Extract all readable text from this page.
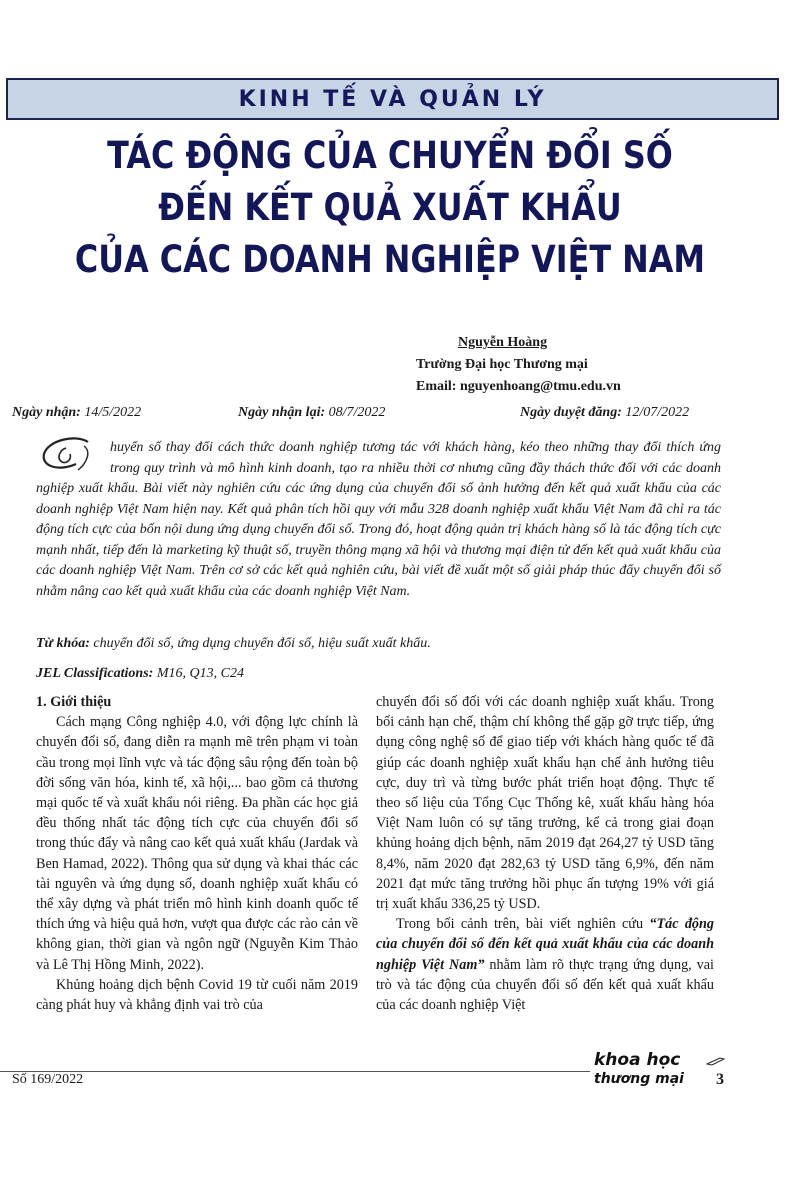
KINH TẾ VÀ QUẢN LÝ
TÁC ĐỘNG CỦA CHUYỂN ĐỔI SỐ
ĐẾN KẾT QUẢ XUẤT KHẨU
CỦA CÁC DOANH NGHIỆP VIỆT NAM
Nguyễn Hoàng
Trường Đại học Thương mại
Email: nguyenhoang@tmu.edu.vn
Ngày nhận: 14/5/2022	Ngày nhận lại: 08/7/2022	Ngày duyệt đăng: 12/07/2022
huyển số thay đổi cách thức doanh nghiệp tương tác với khách hàng, kéo theo những thay đổi thích ứng trong quy trình và mô hình kinh doanh, tạo ra nhiều thời cơ nhưng cũng đầy thách thức đối với các doanh nghiệp xuất khẩu. Bài viết này nghiên cứu các ứng dụng của chuyển đổi số ảnh hưởng đến kết quả xuất khẩu của các doanh nghiệp Việt Nam hiện nay. Kết quả phân tích hồi quy với mẫu 328 doanh nghiệp xuất khẩu Việt Nam đã chỉ ra tác động tích cực của bốn nội dung ứng dụng chuyển đổi số. Trong đó, hoạt động quản trị khách hàng số là tác động tích cực mạnh nhất, tiếp đến là marketing kỹ thuật số, truyền thông mạng xã hội và thương mại điện tử đến kết quả xuất khẩu của các doanh nghiệp Việt Nam. Trên cơ sở các kết quả nghiên cứu, bài viết đề xuất một số giải pháp thúc đẩy chuyển đổi số nhằm nâng cao kết quả xuất khẩu của các doanh nghiệp Việt Nam.
Từ khóa: chuyển đổi số, ứng dụng chuyển đổi số, hiệu suất xuất khẩu.
JEL Classifications: M16, Q13, C24
1. Giới thiệu

Cách mạng Công nghiệp 4.0, với động lực chính là chuyển đổi số, đang diễn ra mạnh mẽ trên phạm vi toàn cầu trong mọi lĩnh vực và tác động sâu rộng đến toàn bộ đời sống văn hóa, kinh tế, xã hội,... bao gồm cả thương mại quốc tế và xuất khẩu nói riêng. Đa phần các học giả đều thống nhất tác động tích cực của chuyển đổi số trong thúc đẩy và nâng cao kết quả xuất khẩu (Jardak và Ben Hamad, 2022). Thông qua sử dụng và khai thác các tài nguyên và ứng dụng số, doanh nghiệp xuất khẩu có thể xây dựng và phát triển mô hình kinh doanh quốc tế thích ứng và hiệu quả hơn, vượt qua được các rào cản về không gian, thời gian và ngôn ngữ (Nguyễn Kim Thảo và Lê Thị Hồng Minh, 2022).

Khủng hoảng dịch bệnh Covid 19 từ cuối năm 2019 càng phát huy và khẳng định vai trò của

chuyển đổi số đối với các doanh nghiệp xuất khẩu. Trong bối cảnh hạn chế, thậm chí không thể gặp gỡ trực tiếp, ứng dụng công nghệ số để giao tiếp với khách hàng quốc tế đã giúp các doanh nghiệp xuất khẩu hạn chế ảnh hưởng tiêu cực, duy trì và từng bước phát triển hoạt động. Thực tế theo số liệu của Tổng Cục Thống kê, xuất khẩu hàng hóa Việt Nam luôn có sự tăng trưởng, kể cả trong giai đoạn khủng hoảng dịch bệnh, năm 2019 đạt 264,27 tỷ USD tăng 8,4%, năm 2020 đạt 282,63 tỷ USD tăng 6,9%, đến năm 2021 đạt mức tăng trưởng hồi phục ấn tượng 19% với giá trị xuất khẩu 336,25 tỷ USD.

Trong bối cảnh trên, bài viết nghiên cứu “Tác động của chuyển đổi số đến kết quả xuất khẩu của các doanh nghiệp Việt Nam” nhằm làm rõ thực trạng ứng dụng, vai trò và tác động của chuyển đổi số đến kết quả xuất khẩu của các doanh nghiệp Việt

Số 169/2022
khoa học
thương mại	3
